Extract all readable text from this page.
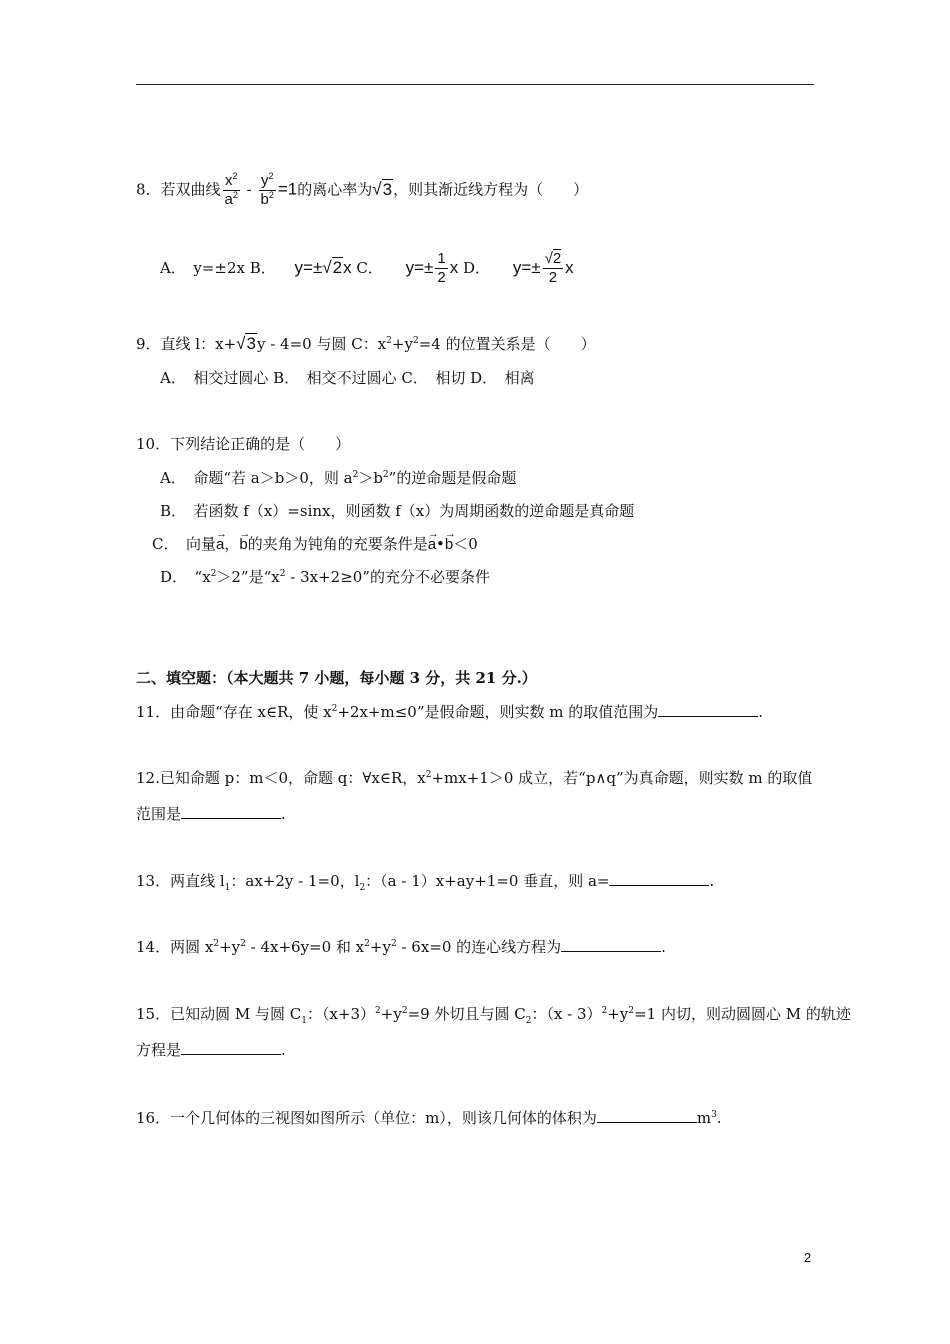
8．若双曲线 $\frac{x^2}{a^2} - \frac{y^2}{b^2} =1$的离心率为√3，则其渐近线方程为（　　）
A．　y=±2x B． y=±√2x C． $y=\pm \frac{1}{2}$ x D． $y=\pm \frac{√2}{2}$ x
9．直线 l：x+√3y - 4=0 与圆 C：$x^2+y^2=4$ 的位置关系是（　　）
A．　相交过圆心 B．　相交不过圆心 C．　相切 D．　相离
10．下列结论正确的是（　　）
A．　命题“若 a＞b＞0，则 $a^2>b^2$”的逆命题是假命题
B．　若函数 f（x）=sinx，则函数 f（x）为周期函数的逆命题是真命题
C．　向量→ a，→ b的夹角为钝角的充要条件是→ a•→ b＜0
D．　“$x^2>2$”是“$x^2 - 3x+2\ge 0$”的充分不必要条件
二、填空题：（本大题共 7 小题，每小题 3 分，共 21 分.）
11．由命题“存在 x∈R，使 $x^2+2x+m\le 0$”是假命题，则实数 m 的取值范围为	.
12.已知命题 p：m＜0，命题 q：∀x∈R，$x^2+mx+1>0$ 成立，若“p∧q”为真命题，则实数 m 的取值
范围是	.
13．两直线 $l_1$：ax+2y - 1=0，$l_2$：（a - 1）x+ay+1=0 垂直，则 a=	.
14．两圆 $x^2+y^2 - 4x+6y=0$ 和 $x^2+y^2 - 6x=0$ 的连心线方程为	.
15．已知动圆 M 与圆 $C_1$：$(x+3)^2+y^2=9$ 外切且与圆 $C_2$：$(x - 3)^2+y^2=1$ 内切，则动圆圆心 M 的轨迹
方程是	.
16．一个几何体的三视图如图所示（单位：m），则该几何体的体积为	$m^3$.
2
